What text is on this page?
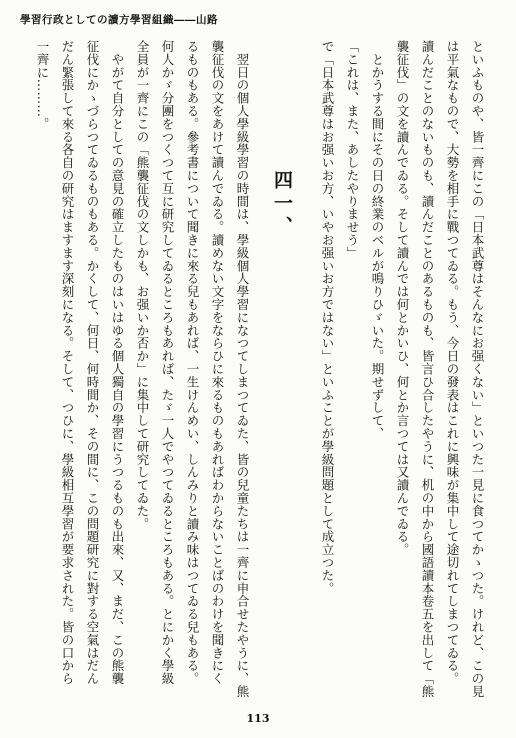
學習行政としての讀方學習組織――山路
といふものや、皆一齊にこの「日本武尊はそんなにお强くない」といつた一見に食つてかゝつた。けれど、この見
は平氣なもので、大勢を相手に戰つてゐる。もう、今日の發表はこれに興味が集中して途切れてしまつてゐる。
讀んだことのないものも、讀んだことのあるものも、皆言ひ合したやうに、机の中から國語讀本卷五を出して「熊
襲征伐」の文を讀んでゐる。そして讀んでは何とかいひ、何とか言つては又讀んでゐる。
　とかうする間にその日の終業のベルが鳴りひゞいた。期せずして、
「これは、また、あしたやりませう」
で「日本武尊はお强いお方、いやお强いお方ではない」といふことが學級問題として成立つた。
四一、
　翌日の個人學級學習の時間は、學級個人學習になつてしまつてゐた、皆の兒童たちは一齊に申合せたやうに、熊
襲征伐の文をあけて讀んでゐる。讀めない文字をならひに來るものもあればわからないことばのわけを聞きにく
るものもある。參考書について聞きに來る兒もあれば、一生けんめい、しんみりと讀み味はつてゐる兒もある。
何人かゞ分團をつくつて互に研究してゐるところもあれば、たゞ一人でやつてゐるところもある。とにかく學級
全員が一齊にこの「熊襲征伐の文しかも、お强いか否か」に集中して研究してゐた。
　やがて自分としての意見の確立したものはいはゆる個人獨自の學習にうつるものも出來、又、まだ、この熊襲
征伐にかゝづらつてゐるものもある。かくして、何日、何時間か、その間に、この問題研究に對する空氣はだん
だん緊張して來る各自の研究はますます深刻になる。そして、つひに、學級相互學習が要求された。皆の口から
一齊に………。
113
